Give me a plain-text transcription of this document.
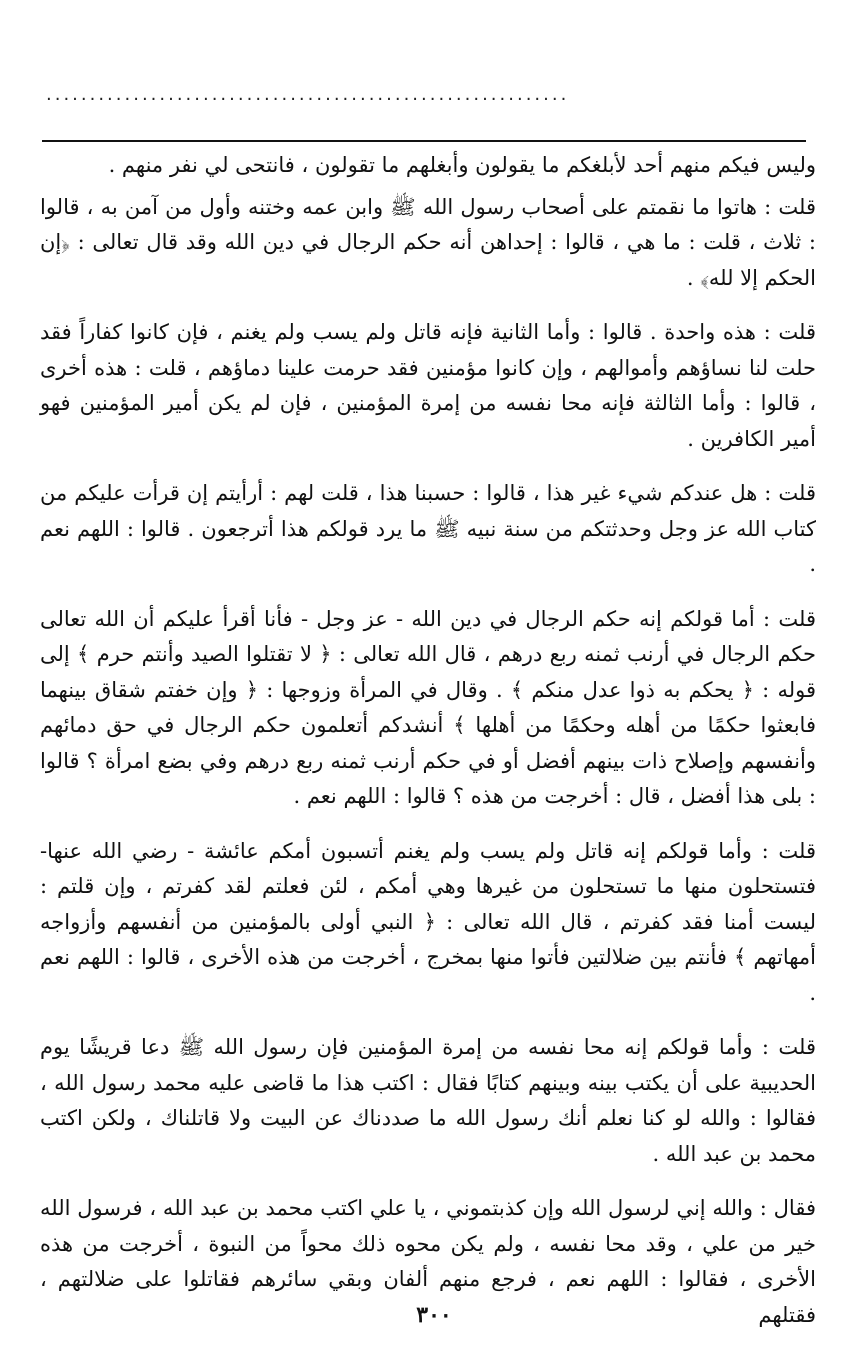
............................................................

وليس فيكم منهم أحد لأبلغكم ما يقولون وأبغلهم ما تقولون ، فانتحى لي نفر منهم .

قلت : هاتوا ما نقمتم على أصحاب رسول الله ﷺ وابن عمه وختنه وأول من آمن به ، قالوا : ثلاث ، قلت : ما هي ، قالوا : إحداهن أنه حكم الرجال في دين الله وقد قال تعالى : ﴿إن الحكم إلا لله﴾ .

قلت : هذه واحدة . قالوا : وأما الثانية فإنه قاتل ولم يسب ولم يغنم ، فإن كانوا كفاراً فقد حلت لنا نساؤهم وأموالهم ، وإن كانوا مؤمنين فقد حرمت علينا دماؤهم ، قلت : هذه أخرى ، قالوا : وأما الثالثة فإنه محا نفسه من إمرة المؤمنين ، فإن لم يكن أمير المؤمنين فهو أمير الكافرين .

قلت : هل عندكم شيء غير هذا ، قالوا : حسبنا هذا ، قلت لهم : أرأيتم إن قرأت عليكم من كتاب الله عز وجل وحدثتكم من سنة نبيه ﷺ ما يرد قولكم هذا أترجعون . قالوا : اللهم نعم .

قلت : أما قولكم إنه حكم الرجال في دين الله - عز وجل - فأنا أقرأ عليكم أن الله تعالى حكم الرجال في أرنب ثمنه ربع درهم ، قال الله تعالى : ﴿ لا تقتلوا الصيد وأنتم حرم ﴾ إلى قوله : ﴿ يحكم به ذوا عدل منكم ﴾ . وقال في المرأة وزوجها : ﴿ وإن خفتم شقاق بينهما فابعثوا حكمًا من أهله وحكمًا من أهلها ﴾ أنشدكم أتعلمون حكم الرجال في حق دمائهم وأنفسهم وإصلاح ذات بينهم أفضل أو في حكم أرنب ثمنه ربع درهم وفي بضع امرأة ؟ قالوا : بلى هذا أفضل ، قال : أخرجت من هذه ؟ قالوا : اللهم نعم .

قلت : وأما قولكم إنه قاتل ولم يسب ولم يغنم أتسبون أمكم عائشة - رضي الله عنها- فتستحلون منها ما تستحلون من غيرها وهي أمكم ، لئن فعلتم لقد كفرتم ، وإن قلتم : ليست أمنا فقد كفرتم ، قال الله تعالى : ﴿ النبي أولى بالمؤمنين من أنفسهم وأزواجه أمهاتهم ﴾ فأنتم بين ضلالتين فأتوا منها بمخرج ، أخرجت من هذه الأخرى ، قالوا : اللهم نعم .

قلت : وأما قولكم إنه محا نفسه من إمرة المؤمنين فإن رسول الله ﷺ دعا قريشًا يوم الحديبية على أن يكتب بينه وبينهم كتابًا فقال : اكتب هذا ما قاضى عليه محمد رسول الله ، فقالوا : والله لو كنا نعلم أنك رسول الله ما صددناك عن البيت ولا قاتلناك ، ولكن اكتب محمد بن عبد الله .

فقال : والله إني لرسول الله وإن كذبتموني ، يا علي اكتب محمد بن عبد الله ، فرسول الله خير من علي ، وقد محا نفسه ، ولم يكن محوه ذلك محواً من النبوة ، أخرجت من هذه الأخرى ، فقالوا : اللهم نعم ، فرجع منهم ألفان وبقي سائرهم فقاتلوا على ضلالتهم ، فقتلهم

٣٠٠
